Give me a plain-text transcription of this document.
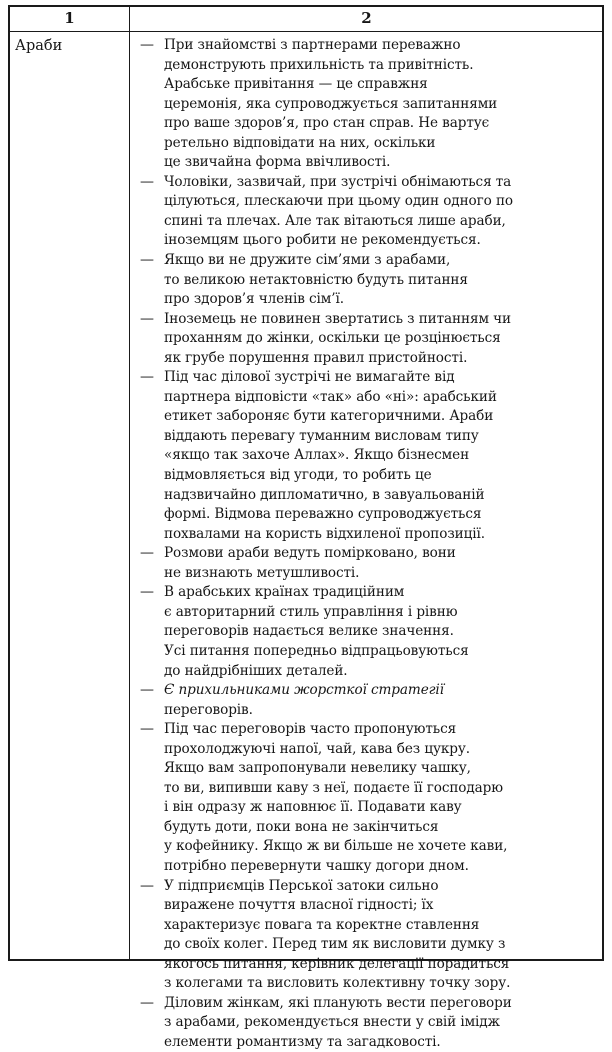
1	2
Араби	— При знайомстві з партнерами переважно
демонструють прихильність та привітність.
Арабське привітання — це справжня
церемонія, яка супроводжується запитаннями
про ваше здоров’я, про стан справ. Не вартує
ретельно відповідати на них, оскільки
це звичайна форма ввічливості.
— Чоловіки, зазвичай, при зустрічі обнімаються та
цілуються, плескаючи при цьому один одного по
спині та плечах. Але так вітаються лише араби,
іноземцям цього робити не рекомендується.
— Якщо ви не дружите сім’ями з арабами,
то великою нетактовністю будуть питання
про здоров’я членів сім’ї.
— Іноземець не повинен звертатись з питанням чи
проханням до жінки, оскільки це розцінюється
як грубе порушення правил пристойності.
— Під час ділової зустрічі не вимагайте від
партнера відповісти «так» або «ні»: арабський
етикет забороняє бути категоричними. Араби
віддають перевагу туманним висловам типу
«якщо так захоче Аллах». Якщо бізнесмен
відмовляється від угоди, то робить це
надзвичайно дипломатично, в завуальованій
формі. Відмова переважно супроводжується
похвалами на користь відхиленої пропозиції.
— Розмови араби ведуть поміркованo, вони
не визнають метушливості.
— В арабських країнах традиційним
є авторитарний стиль управління і рівню
переговорів надається велике значення.
Усі питання попередньо відпрацьовуються
до найдрібніших деталей.
— Є прихильниками жорсткої стратегії
переговорів.
— Під час переговорів часто пропонуються
прохолоджуючі напої, чай, кава без цукру.
Якщо вам запропонували невелику чашку,
то ви, випивши каву з неї, подаєте її господарю
і він одразу ж наповнює її. Подавати каву
будуть доти, поки вона не закінчиться
у кофейнику. Якщо ж ви більше не хочете кави,
потрібно перевернути чашку догори дном.
— У підприємців Перської затоки сильно
виражене почуття власної гідності; їх
характеризує повага та коректне ставлення
до своїх колег. Перед тим як висловити думку з
якогось питання, керівник делегації порадиться
з колегами та висловить колективну точку зору.
— Діловим жінкам, які планують вести переговори
з арабами, рекомендується внести у свій імідж
елементи романтизму та загадковості.
